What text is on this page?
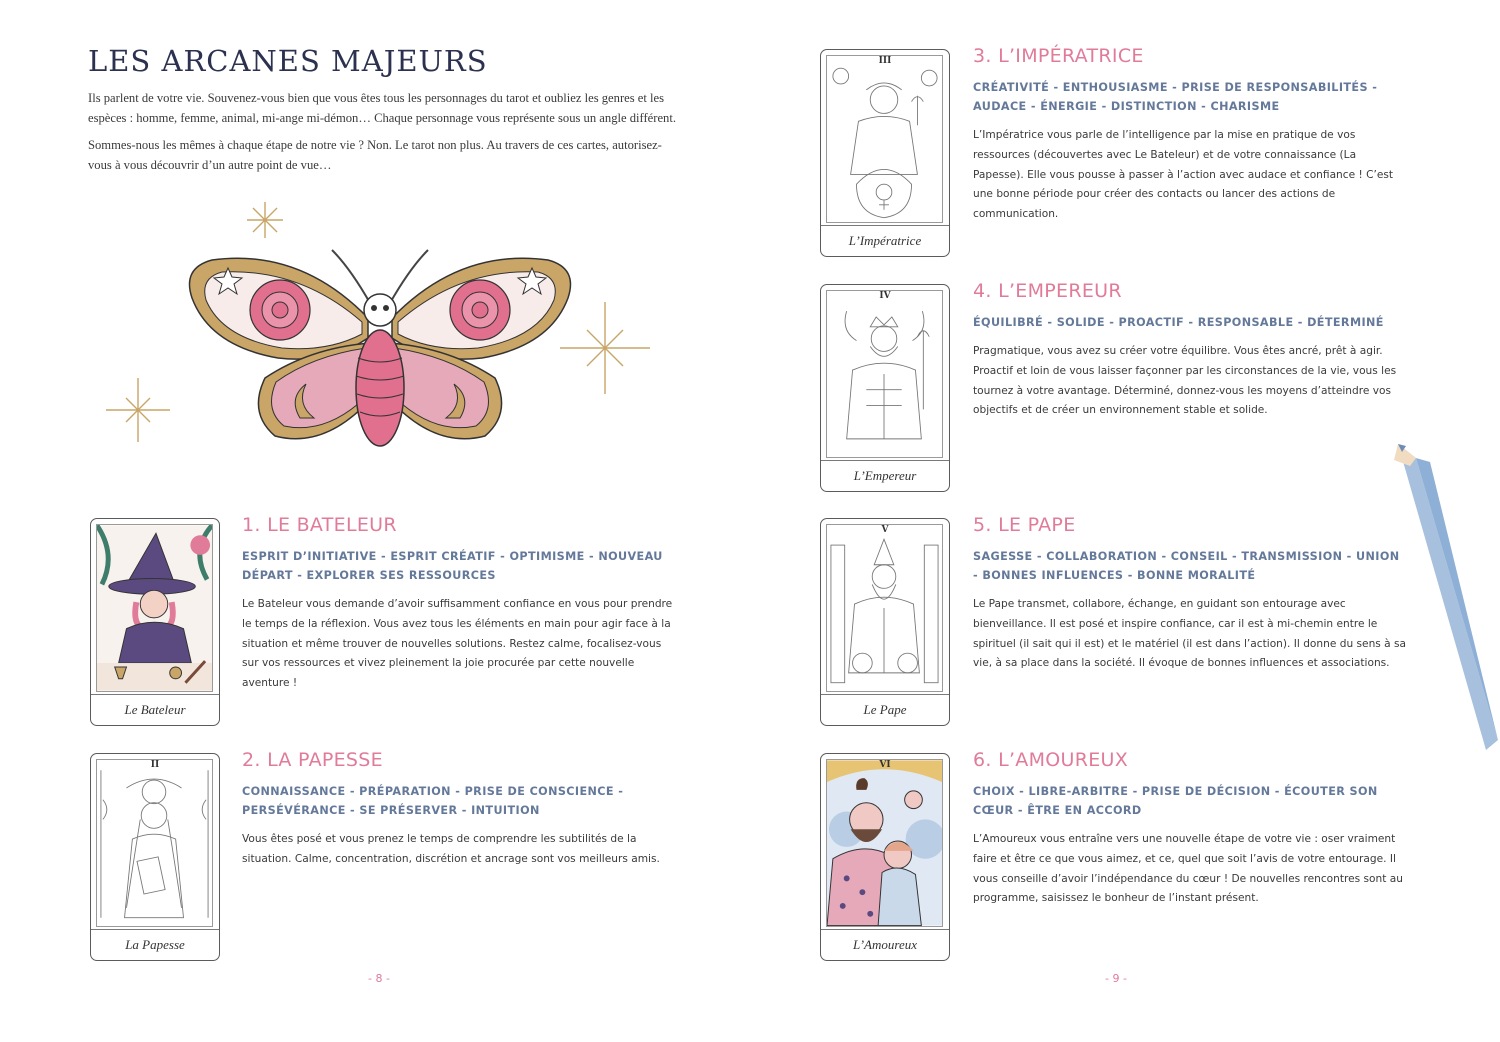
LES ARCANES MAJEURS

Ils parlent de votre vie. Souvenez-vous bien que vous êtes tous les personnages du tarot et oubliez les genres et les espèces : homme, femme, animal, mi-ange mi-démon… Chaque personnage vous représente sous un angle différent.

Sommes-nous les mêmes à chaque étape de notre vie ? Non. Le tarot non plus. Au travers de ces cartes, autorisez-vous à vous découvrir d’un autre point de vue…

Le Bateleur
1. LE BATELEUR
ESPRIT D’INITIATIVE - ESPRIT CRÉATIF - OPTIMISME - NOUVEAU DÉPART - EXPLORER SES RESSOURCES
Le Bateleur vous demande d’avoir suffisamment confiance en vous pour prendre le temps de la réflexion. Vous avez tous les éléments en main pour agir face à la situation et même trouver de nouvelles solutions. Restez calme, focalisez-vous sur vos ressources et vivez pleinement la joie procurée par cette nouvelle aventure !
II
La Papesse
2. LA PAPESSE
CONNAISSANCE - PRÉPARATION - PRISE DE CONSCIENCE - PERSÉVÉRANCE - SE PRÉSERVER - INTUITION
Vous êtes posé et vous prenez le temps de comprendre les subtilités de la situation. Calme, concentration, discrétion et ancrage sont vos meilleurs amis.
- 8 -
III
L’Impératrice
3. L’IMPÉRATRICE
CRÉATIVITÉ - ENTHOUSIASME - PRISE DE RESPONSABILITÉS - AUDACE - ÉNERGIE - DISTINCTION - CHARISME
L’Impératrice vous parle de l’intelligence par la mise en pratique de vos ressources (découvertes avec Le Bateleur) et de votre connaissance (La Papesse). Elle vous pousse à passer à l’action avec audace et confiance ! C’est une bonne période pour créer des contacts ou lancer des actions de communication.
IV
L’Empereur
4. L’EMPEREUR
ÉQUILIBRÉ - SOLIDE - PROACTIF - RESPONSABLE - DÉTERMINÉ
Pragmatique, vous avez su créer votre équilibre. Vous êtes ancré, prêt à agir. Proactif et loin de vous laisser façonner par les circonstances de la vie, vous les tournez à votre avantage. Déterminé, donnez-vous les moyens d’atteindre vos objectifs et de créer un environnement stable et solide.
V
Le Pape
5. LE PAPE
SAGESSE - COLLABORATION - CONSEIL - TRANSMISSION - UNION - BONNES INFLUENCES - BONNE MORALITÉ
Le Pape transmet, collabore, échange, en guidant son entourage avec bienveillance. Il est posé et inspire confiance, car il est à mi-chemin entre le spirituel (il sait qui il est) et le matériel (il est dans l’action). Il donne du sens à sa vie, à sa place dans la société. Il évoque de bonnes influences et associations.
VI
L’Amoureux
6. L’AMOUREUX
CHOIX - LIBRE-ARBITRE - PRISE DE DÉCISION - ÉCOUTER SON CŒUR - ÊTRE EN ACCORD
L’Amoureux vous entraîne vers une nouvelle étape de votre vie : oser vraiment faire et être ce que vous aimez, et ce, quel que soit l’avis de votre entourage. Il vous conseille d’avoir l’indépendance du cœur ! De nouvelles rencontres sont au programme, saisissez le bonheur de l’instant présent.
- 9 -
